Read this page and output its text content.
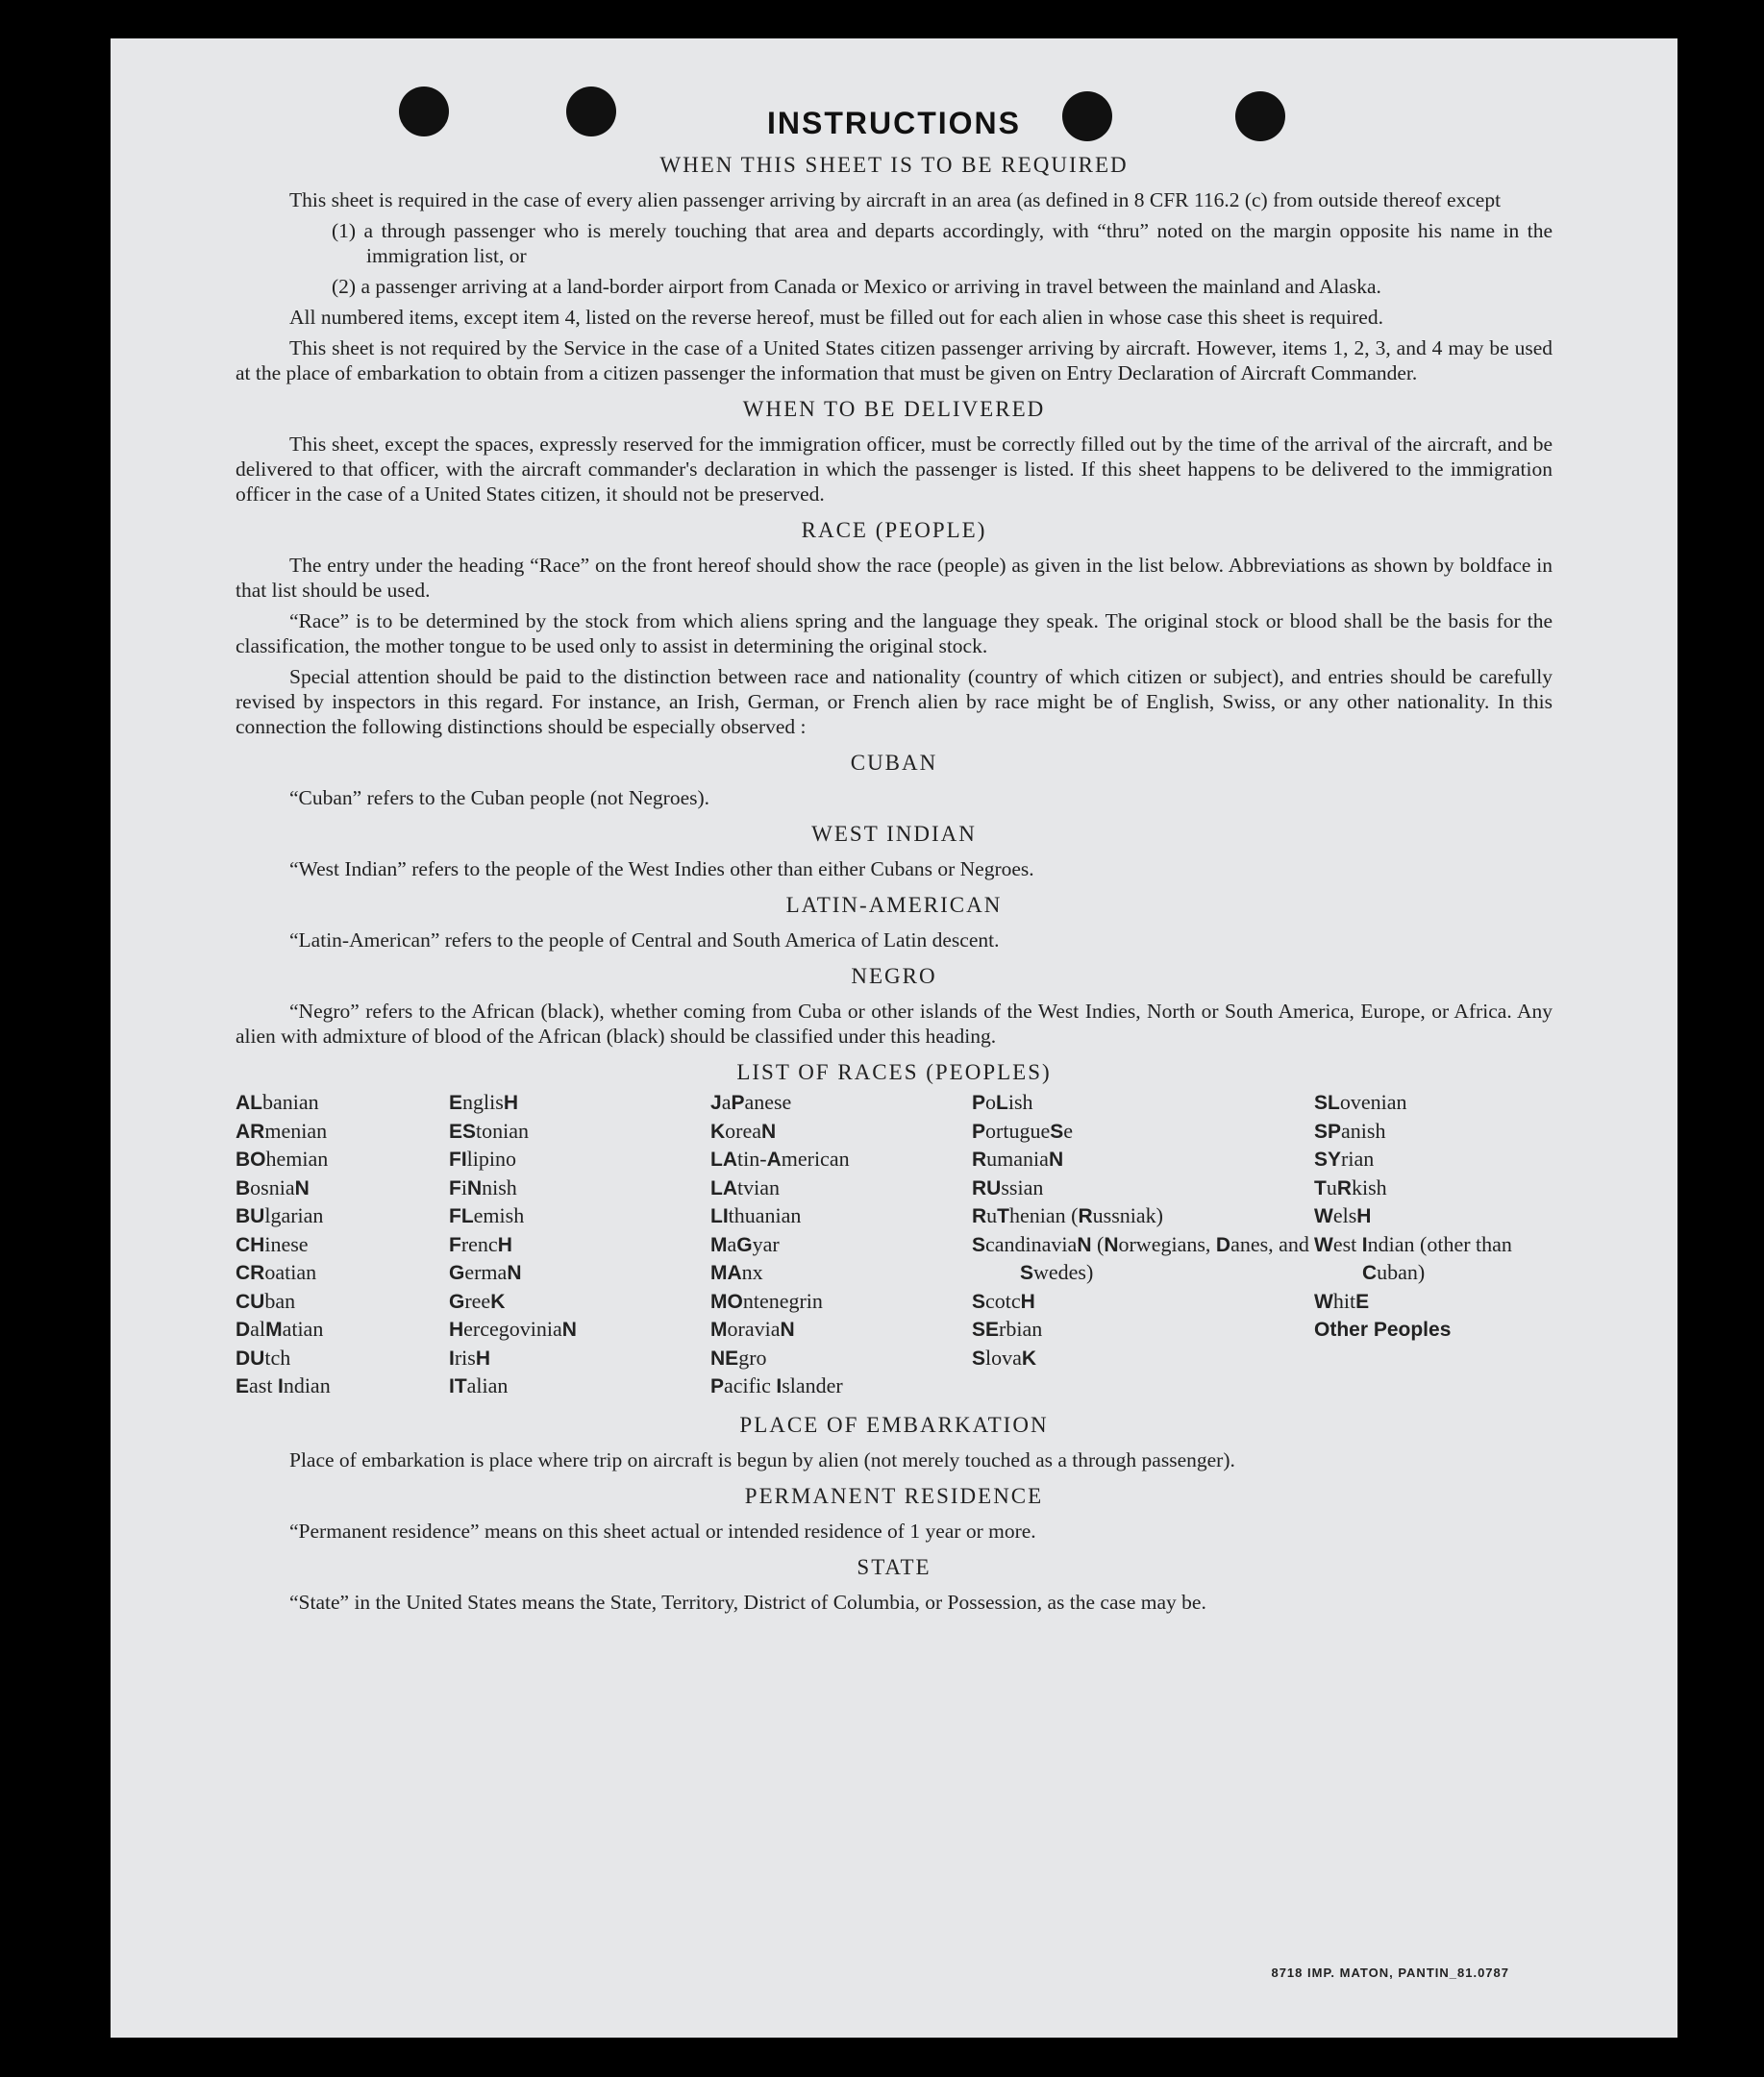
INSTRUCTIONS
WHEN THIS SHEET IS TO BE REQUIRED

This sheet is required in the case of every alien passenger arriving by aircraft in an area (as defined in 8 CFR 116.2 (c) from outside thereof except

(1) a through passenger who is merely touching that area and departs accordingly, with “thru” noted on the margin opposite his name in the immigration list, or

(2) a passenger arriving at a land-border airport from Canada or Mexico or arriving in travel between the mainland and Alaska.

All numbered items, except item 4, listed on the reverse hereof, must be filled out for each alien in whose case this sheet is required.

This sheet is not required by the Service in the case of a United States citizen passenger arriving by aircraft. However, items 1, 2, 3, and 4 may be used at the place of embarkation to obtain from a citizen passenger the information that must be given on Entry Declaration of Aircraft Commander.

WHEN TO BE DELIVERED

This sheet, except the spaces, expressly reserved for the immigration officer, must be correctly filled out by the time of the arrival of the aircraft, and be delivered to that officer, with the aircraft commander's declaration in which the passenger is listed. If this sheet happens to be delivered to the immigration officer in the case of a United States citizen, it should not be preserved.

RACE (PEOPLE)

The entry under the heading “Race” on the front hereof should show the race (people) as given in the list below. Abbreviations as shown by boldface in that list should be used.

“Race” is to be determined by the stock from which aliens spring and the language they speak. The original stock or blood shall be the basis for the classification, the mother tongue to be used only to assist in determining the original stock.

Special attention should be paid to the distinction between race and nationality (country of which citizen or subject), and entries should be carefully revised by inspectors in this regard. For instance, an Irish, German, or French alien by race might be of English, Swiss, or any other nationality. In this connection the following distinctions should be especially observed :

CUBAN

“Cuban” refers to the Cuban people (not Negroes).

WEST INDIAN

“West Indian” refers to the people of the West Indies other than either Cubans or Negroes.

LATIN-AMERICAN

“Latin-American” refers to the people of Central and South America of Latin descent.

NEGRO

“Negro” refers to the African (black), whether coming from Cuba or other islands of the West Indies, North or South America, Europe, or Africa. Any alien with admixture of blood of the African (black) should be classified under this heading.

LIST OF RACES (PEOPLES)
ALbanian
ARmenian
BOhemian
BosniaN
BUlgarian
CHinese
CRoatian
CUban
DalMatian
DUtch
East Indian
EnglisH
EStonian
FIlipino
FiNnish
FLemish
FrencH
GermaN
GreeK
HercegoviniaN
IrisH
ITalian
JaPanese
KoreaN
LAtin-American
LAtvian
LIthuanian
MaGyar
MAnx
MOntenegrin
MoraviaN
NEgro
Pacific Islander
PoLish
PortugueSe
RumaniaN
RUssian
RuThenian (Russniak)
ScandinaviaN (Norwegians, Danes, and Swedes)
ScotcH
SErbian
SlovaK
SLovenian
SPanish
SYrian
TuRkish
WelsH
West Indian (other than Cuban)
WhitE
Other Peoples
PLACE OF EMBARKATION

Place of embarkation is place where trip on aircraft is begun by alien (not merely touched as a through passenger).

PERMANENT RESIDENCE

“Permanent residence” means on this sheet actual or intended residence of 1 year or more.

STATE

“State” in the United States means the State, Territory, District of Columbia, or Possession, as the case may be.

8718 IMP. MATON, PANTIN_81.0787
